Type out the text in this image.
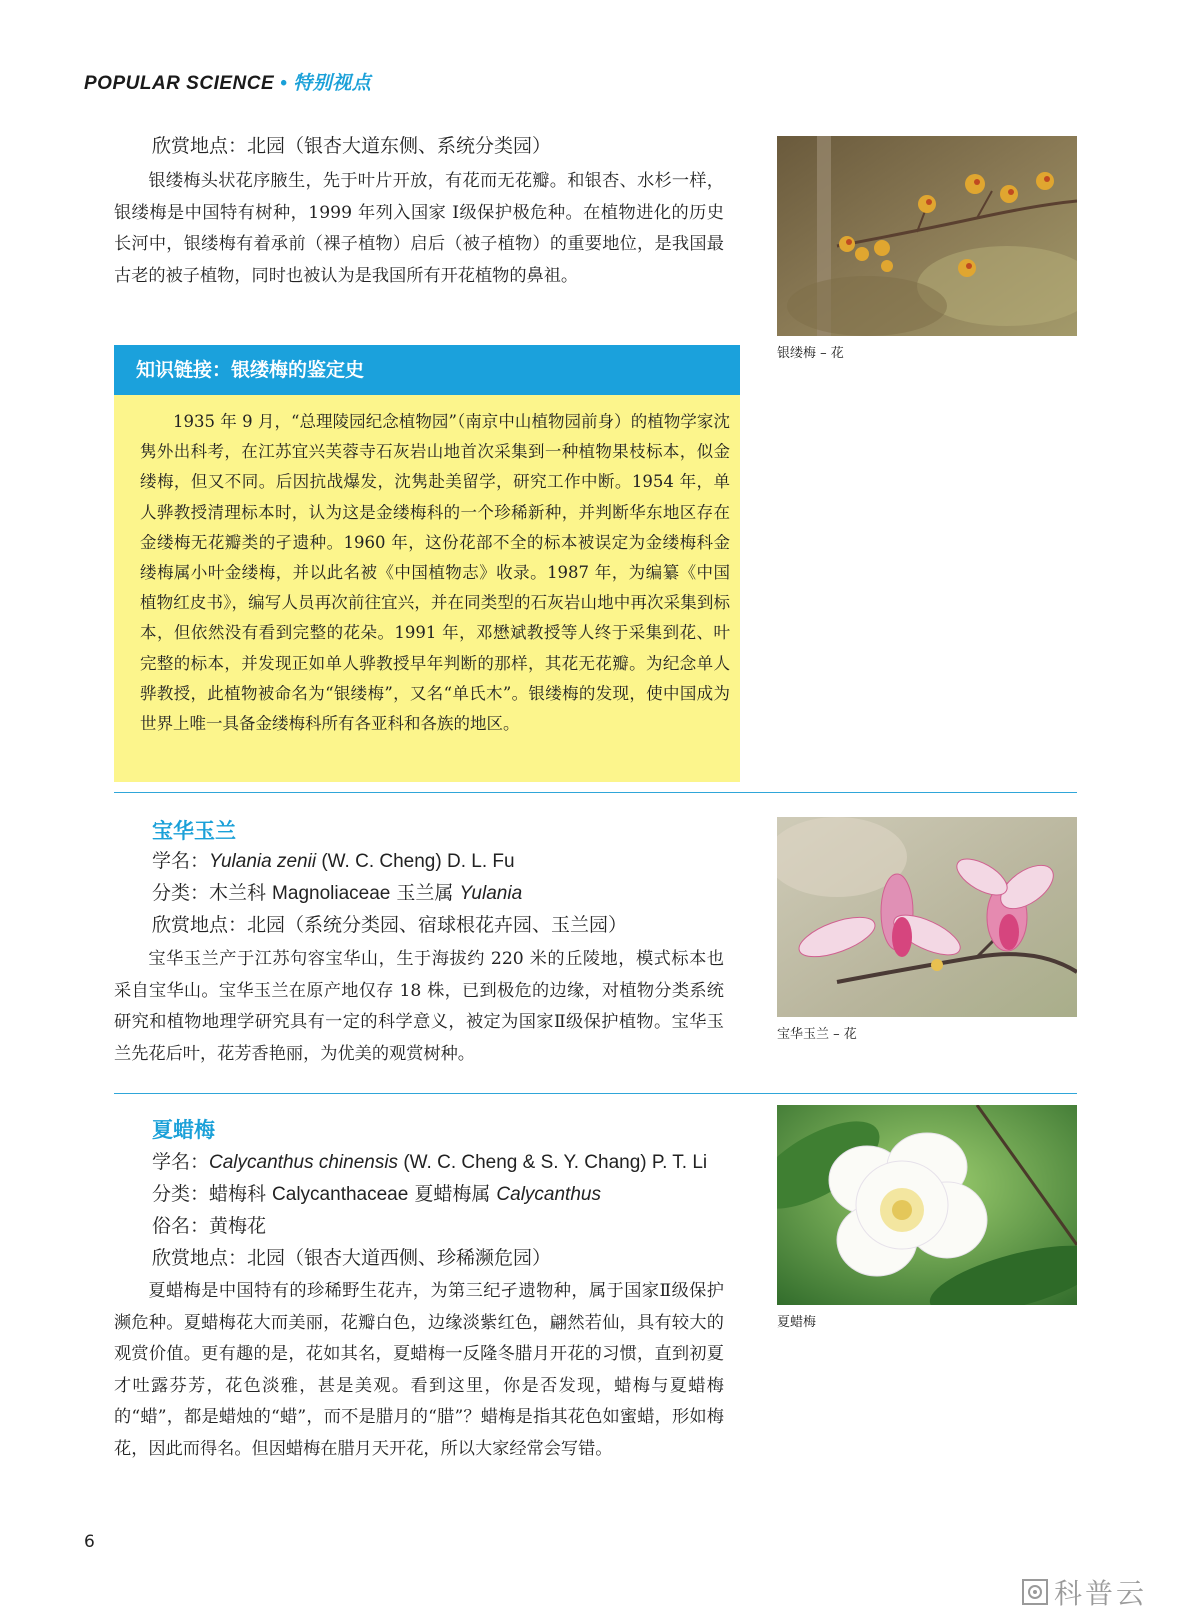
POPULAR SCIENCE • 特别视点
欣赏地点：北园（银杏大道东侧、系统分类园）
银缕梅头状花序腋生，先于叶片开放，有花而无花瓣。和银杏、水杉一样，银缕梅是中国特有树种，1999 年列入国家 Ⅰ级保护极危种。在植物进化的历史长河中，银缕梅有着承前（裸子植物）启后（被子植物）的重要地位，是我国最古老的被子植物，同时也被认为是我国所有开花植物的鼻祖。
银缕梅 – 花
知识链接：银缕梅的鉴定史
1935 年 9 月，“总理陵园纪念植物园”（南京中山植物园前身）的植物学家沈隽外出科考，在江苏宜兴芙蓉寺石灰岩山地首次采集到一种植物果枝标本，似金缕梅，但又不同。后因抗战爆发，沈隽赴美留学，研究工作中断。1954 年，单人骅教授清理标本时，认为这是金缕梅科的一个珍稀新种，并判断华东地区存在金缕梅无花瓣类的孑遗种。1960 年，这份花部不全的标本被误定为金缕梅科金缕梅属小叶金缕梅，并以此名被《中国植物志》收录。1987 年，为编纂《中国植物红皮书》，编写人员再次前往宜兴，并在同类型的石灰岩山地中再次采集到标本，但依然没有看到完整的花朵。1991 年，邓懋斌教授等人终于采集到花、叶完整的标本，并发现正如单人骅教授早年判断的那样，其花无花瓣。为纪念单人骅教授，此植物被命名为“银缕梅”，又名“单氏木”。银缕梅的发现，使中国成为世界上唯一具备金缕梅科所有各亚科和各族的地区。
宝华玉兰
学名：Yulania zenii (W. C. Cheng) D. L. Fu
分类：木兰科 Magnoliaceae 玉兰属 Yulania
欣赏地点：北园（系统分类园、宿球根花卉园、玉兰园）
宝华玉兰产于江苏句容宝华山，生于海拔约 220 米的丘陵地，模式标本也采自宝华山。宝华玉兰在原产地仅存 18 株，已到极危的边缘，对植物分类系统研究和植物地理学研究具有一定的科学意义，被定为国家Ⅱ级保护植物。宝华玉兰先花后叶，花芳香艳丽，为优美的观赏树种。
宝华玉兰 – 花
夏蜡梅
学名：Calycanthus chinensis (W. C. Cheng & S. Y. Chang) P. T. Li
分类：蜡梅科 Calycanthaceae 夏蜡梅属 Calycanthus
俗名：黄梅花
欣赏地点：北园（银杏大道西侧、珍稀濒危园）
夏蜡梅是中国特有的珍稀野生花卉，为第三纪孑遗物种，属于国家Ⅱ级保护濒危种。夏蜡梅花大而美丽，花瓣白色，边缘淡紫红色，翩然若仙，具有较大的观赏价值。更有趣的是，花如其名，夏蜡梅一反隆冬腊月开花的习惯，直到初夏才吐露芬芳，花色淡雅，甚是美观。看到这里，你是否发现，蜡梅与夏蜡梅的“蜡”，都是蜡烛的“蜡”，而不是腊月的“腊”？蜡梅是指其花色如蜜蜡，形如梅花，因此而得名。但因蜡梅在腊月天开花，所以大家经常会写错。
夏蜡梅
6
科普云
